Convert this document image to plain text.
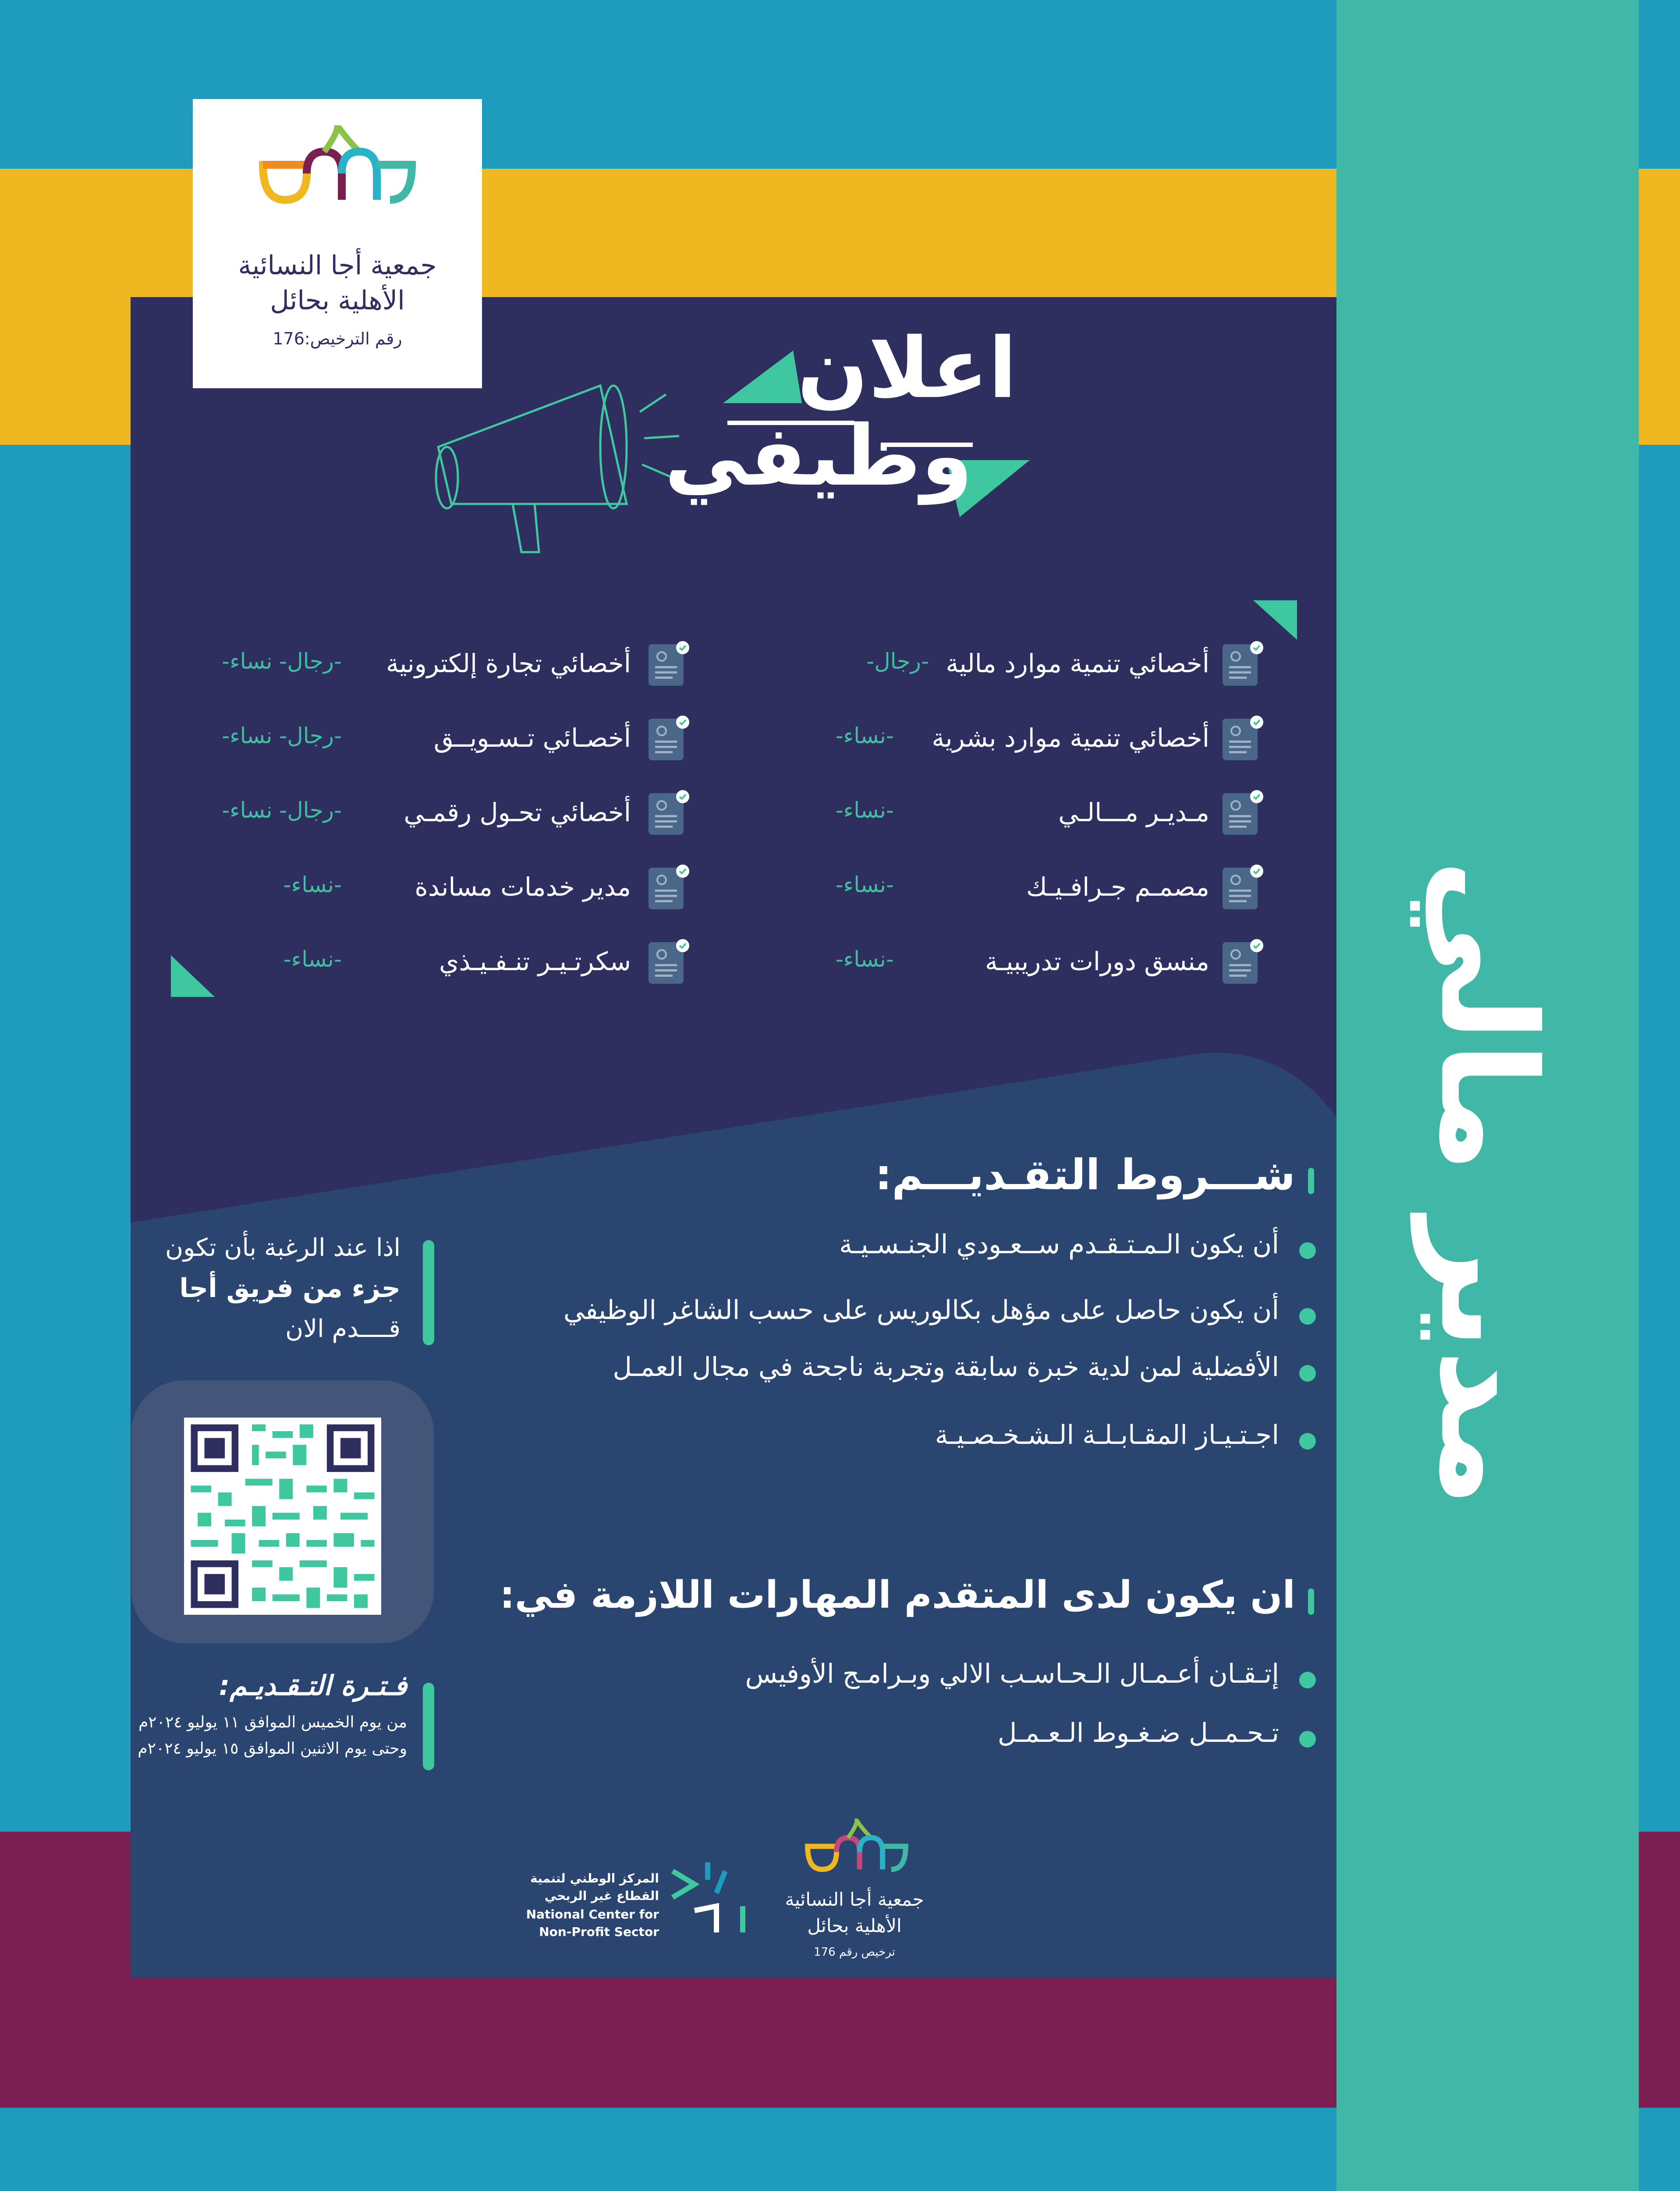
مدير مالي
جمعية أجا النسائية
الأهلية بحائل
رقم الترخيص:176	اعلان
وظيفي
أخصائي تنمية موارد مالية
-رجال-
أخصائي تنمية موارد بشرية
-نساء-
مـديـر مـــالـي
-نساء-
مصمـم جـرافـيـك
-نساء-
منسق دورات تدريبيـة
-نساء-
أخصائي تجارة إلكترونية
-رجال- نساء-
أخصـائي تـسـويــق
-رجال- نساء-
أخصائي تحـول رقمـي
-رجال- نساء-
مدير خدمات مساندة
-نساء-
سكرتـيـر تنـفـيـذي
-نساء-
شـــروط التقـديـــم:
أن يكون الـمـتـقـدم ســعـودي الجنـسـيـة
أن يكون حاصل على مؤهل بكالوريس على حسب الشاغر الوظيفي
الأفضلية لمن لدية خبرة سابقة وتجربة ناجحة في مجال العمـل
اجـتـيـاز المقـابـلـة الـشـخـصـيـة
ان يكون لدى المتقدم المهارات اللازمة في:
إتـقـان أعـمـال الـحـاسـب الالي وبـرامـج الأوفيس
تـحـمــل ضـغـوط الـعـمـل
اذا عند الرغبة بأن تكون
جزء من فريق أجا
قــــدم الان
فـتـرة التـقـديـم:
من يوم الخميس الموافق ١١ يوليو ٢٠٢٤م
وحتى يوم الاثنين الموافق ١٥ يوليو ٢٠٢٤م
المركز الوطني لتنمية
القطاع غير الربحي
National Center for
Non-Profit Sector
جمعية أجا النسائية
الأهلية بحائل
ترخيص رقم 176
